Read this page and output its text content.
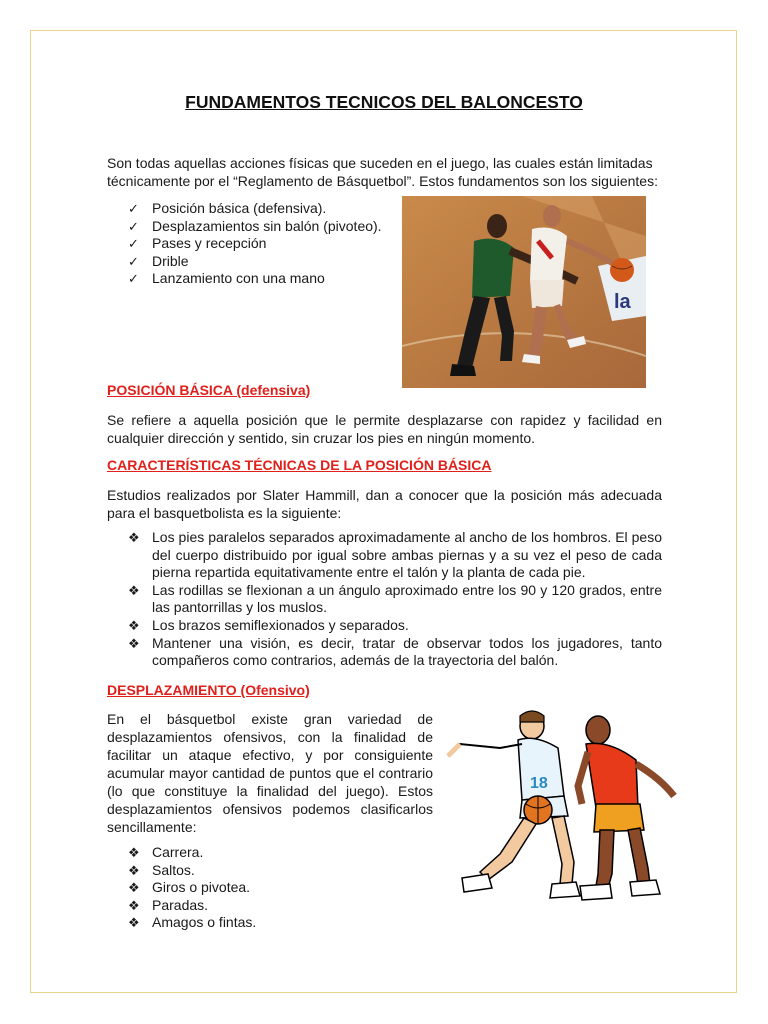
FUNDAMENTOS TECNICOS DEL BALONCESTO
Son todas aquellas acciones físicas que suceden en el juego, las cuales están limitadas
técnicamente por el “Reglamento de Básquetbol”. Estos fundamentos son los siguientes:
✓ Posición básica (defensiva).
✓ Desplazamientos sin balón (pivoteo).
✓ Pases y recepción
✓ Drible
✓ Lanzamiento con una mano
la
POSICIÓN BÁSICA (defensiva)
Se refiere a aquella posición que le permite desplazarse con rapidez y facilidad en cualquier dirección y sentido, sin cruzar los pies en ningún momento.
CARACTERÍSTICAS TÉCNICAS DE LA POSICIÓN BÁSICA
Estudios realizados por Slater Hammill, dan a conocer que la posición más adecuada para el basquetbolista es la siguiente:
❖ Los pies paralelos separados aproximadamente al ancho de los hombros. El peso del cuerpo distribuido por igual sobre ambas piernas y a su vez el peso de cada pierna repartida equitativamente entre el talón y la planta de cada pie.
❖ Las rodillas se flexionan a un ángulo aproximado entre los 90 y 120 grados, entre las pantorrillas y los muslos.
❖ Los brazos semiflexionados y separados.
❖ Mantener una visión, es decir, tratar de observar todos los jugadores, tanto compañeros como contrarios, además de la trayectoria del balón.
DESPLAZAMIENTO (Ofensivo)
En el básquetbol existe gran variedad de desplazamientos ofensivos, con la finalidad de facilitar un ataque efectivo, y por consiguiente acumular mayor cantidad de puntos que el contrario (lo que constituye la finalidad del juego). Estos desplazamientos ofensivos podemos clasificarlos sencillamente:
❖ Carrera.
❖ Saltos.
❖ Giros o pivotea.
❖ Paradas.
❖ Amagos o fintas.
18
